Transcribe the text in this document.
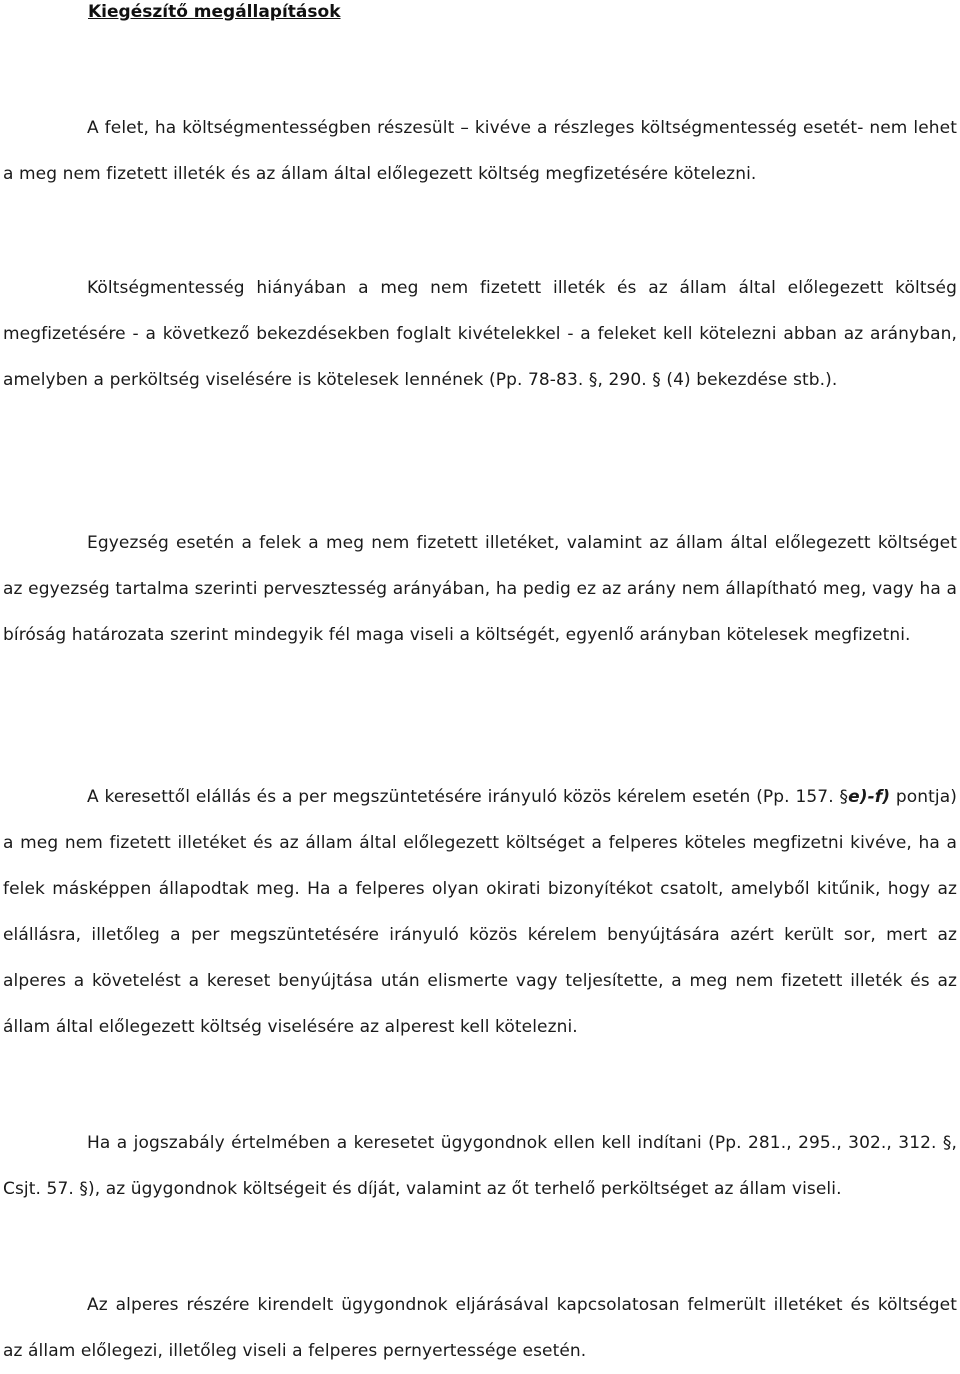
Kiegészítő megállapítások

A felet, ha költségmentességben részesült – kivéve a részleges költségmentesség esetét- nem lehet a meg nem fizetett illeték és az állam által előlegezett költség megfizetésére kötelezni.

Költségmentesség hiányában a meg nem fizetett illeték és az állam által előlegezett költség megfizetésére - a következő bekezdésekben foglalt kivételekkel - a feleket kell kötelezni abban az arányban, amelyben a perköltség viselésére is kötelesek lennének (Pp. 78-83. §, 290. § (4) bekezdése stb.).

Egyezség esetén a felek a meg nem fizetett illetéket, valamint az állam által előlegezett költséget az egyezség tartalma szerinti pervesztesség arányában, ha pedig ez az arány nem állapítható meg, vagy ha a bíróság határozata szerint mindegyik fél maga viseli a költségét, egyenlő arányban kötelesek megfizetni.

A keresettől elállás és a per megszüntetésére irányuló közös kérelem esetén (Pp. 157. §e)-f) pontja) a meg nem fizetett illetéket és az állam által előlegezett költséget a felperes köteles megfizetni kivéve, ha a felek másképpen állapodtak meg. Ha a felperes olyan okirati bizonyítékot csatolt, amelyből kitűnik, hogy az elállásra, illetőleg a per megszüntetésére irányuló közös kérelem benyújtására azért került sor, mert az alperes a követelést a kereset benyújtása után elismerte vagy teljesítette, a meg nem fizetett illeték és az állam által előlegezett költség viselésére az alperest kell kötelezni.

Ha a jogszabály értelmében a keresetet ügygondnok ellen kell indítani (Pp. 281., 295., 302., 312. §, Csjt. 57. §), az ügygondnok költségeit és díját, valamint az őt terhelő perköltséget az állam viseli.

Az alperes részére kirendelt ügygondnok eljárásával kapcsolatosan felmerült illetéket és költséget az állam előlegezi, illetőleg viseli a felperes pernyertessége esetén.
